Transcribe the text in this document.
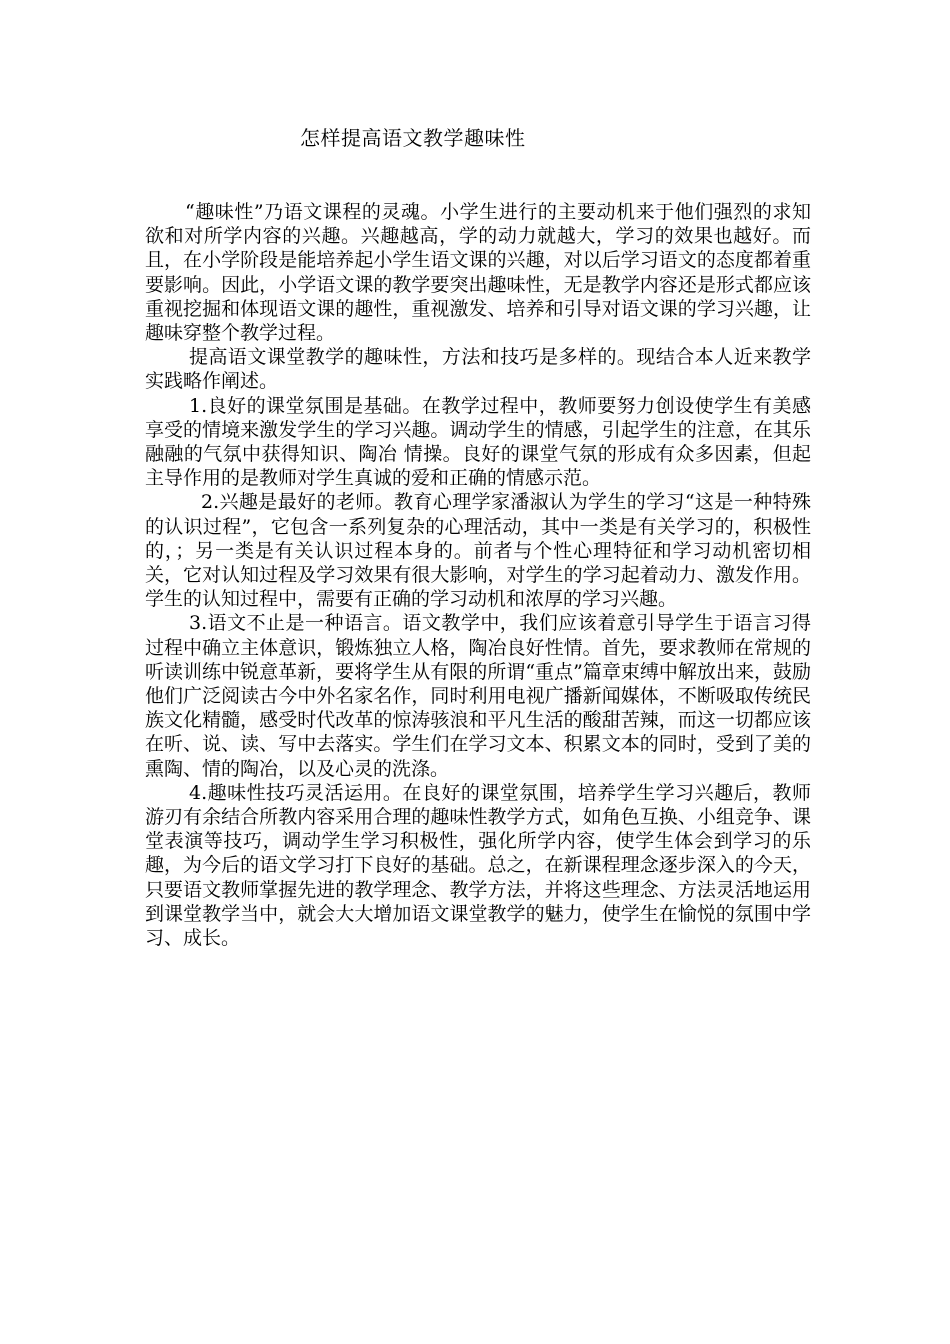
怎样提高语文教学趣味性

“趣味性”乃语文课程的灵魂。小学生进行的主要动机来于他们强烈的求知欲和对所学内容的兴趣。兴趣越高，学的动力就越大，学习的效果也越好。而且，在小学阶段是能培养起小学生语文课的兴趣，对以后学习语文的态度都着重要影响。因此，小学语文课的教学要突出趣味性，无是教学内容还是形式都应该重视挖掘和体现语文课的趣性，重视激发、培养和引导对语文课的学习兴趣，让趣味穿整个教学过程。

提高语文课堂教学的趣味性，方法和技巧是多样的。现结合本人近来教学实践略作阐述。

1.良好的课堂氛围是基础。在教学过程中，教师要努力创设使学生有美感享受的情境来激发学生的学习兴趣。调动学生的情感，引起学生的注意，在其乐融融的气氛中获得知识、陶冶 情操。良好的课堂气氛的形成有众多因素，但起主导作用的是教师对学生真诚的爱和正确的情感示范。

2.兴趣是最好的老师。教育心理学家潘淑认为学生的学习“这是一种特殊的认识过程”，它包含一系列复杂的心理活动，其中一类是有关学习的，积极性的，；另一类是有关认识过程本身的。前者与个性心理特征和学习动机密切相关，它对认知过程及学习效果有很大影响，对学生的学习起着动力、激发作用。学生的认知过程中，需要有正确的学习动机和浓厚的学习兴趣。

3.语文不止是一种语言。语文教学中，我们应该着意引导学生于语言习得过程中确立主体意识，锻炼独立人格，陶冶良好性情。首先，要求教师在常规的听读训练中锐意革新，要将学生从有限的所谓“重点”篇章束缚中解放出来，鼓励他们广泛阅读古今中外名家名作，同时利用电视广播新闻媒体，不断吸取传统民族文化精髓，感受时代改革的惊涛骇浪和平凡生活的酸甜苦辣，而这一切都应该在听、说、读、写中去落实。学生们在学习文本、积累文本的同时，受到了美的熏陶、情的陶冶，以及心灵的洗涤。

4.趣味性技巧灵活运用。在良好的课堂氛围，培养学生学习兴趣后，教师游刃有余结合所教内容采用合理的趣味性教学方式，如角色互换、小组竞争、课堂表演等技巧，调动学生学习积极性，强化所学内容，使学生体会到学习的乐趣，为今后的语文学习打下良好的基础。总之，在新课程理念逐步深入的今天，只要语文教师掌握先进的教学理念、教学方法，并将这些理念、方法灵活地运用到课堂教学当中，就会大大增加语文课堂教学的魅力，使学生在愉悦的氛围中学习、成长。
